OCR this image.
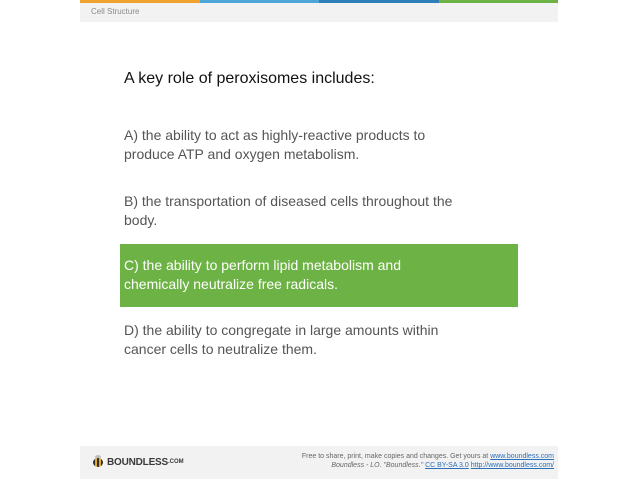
Cell Structure
A key role of peroxisomes includes:
A) the ability to act as highly-reactive products to
produce ATP and oxygen metabolism.
B) the transportation of diseased cells throughout the
body.
C) the ability to perform lipid metabolism and
chemically neutralize free radicals.
D) the ability to congregate in large amounts within
cancer cells to neutralize them.
BOUNDLESS .COM
Free to share, print, make copies and changes. Get yours at www.boundless.com
Boundless - LO. "Boundless." CC BY-SA 3.0 http://www.boundless.com/
